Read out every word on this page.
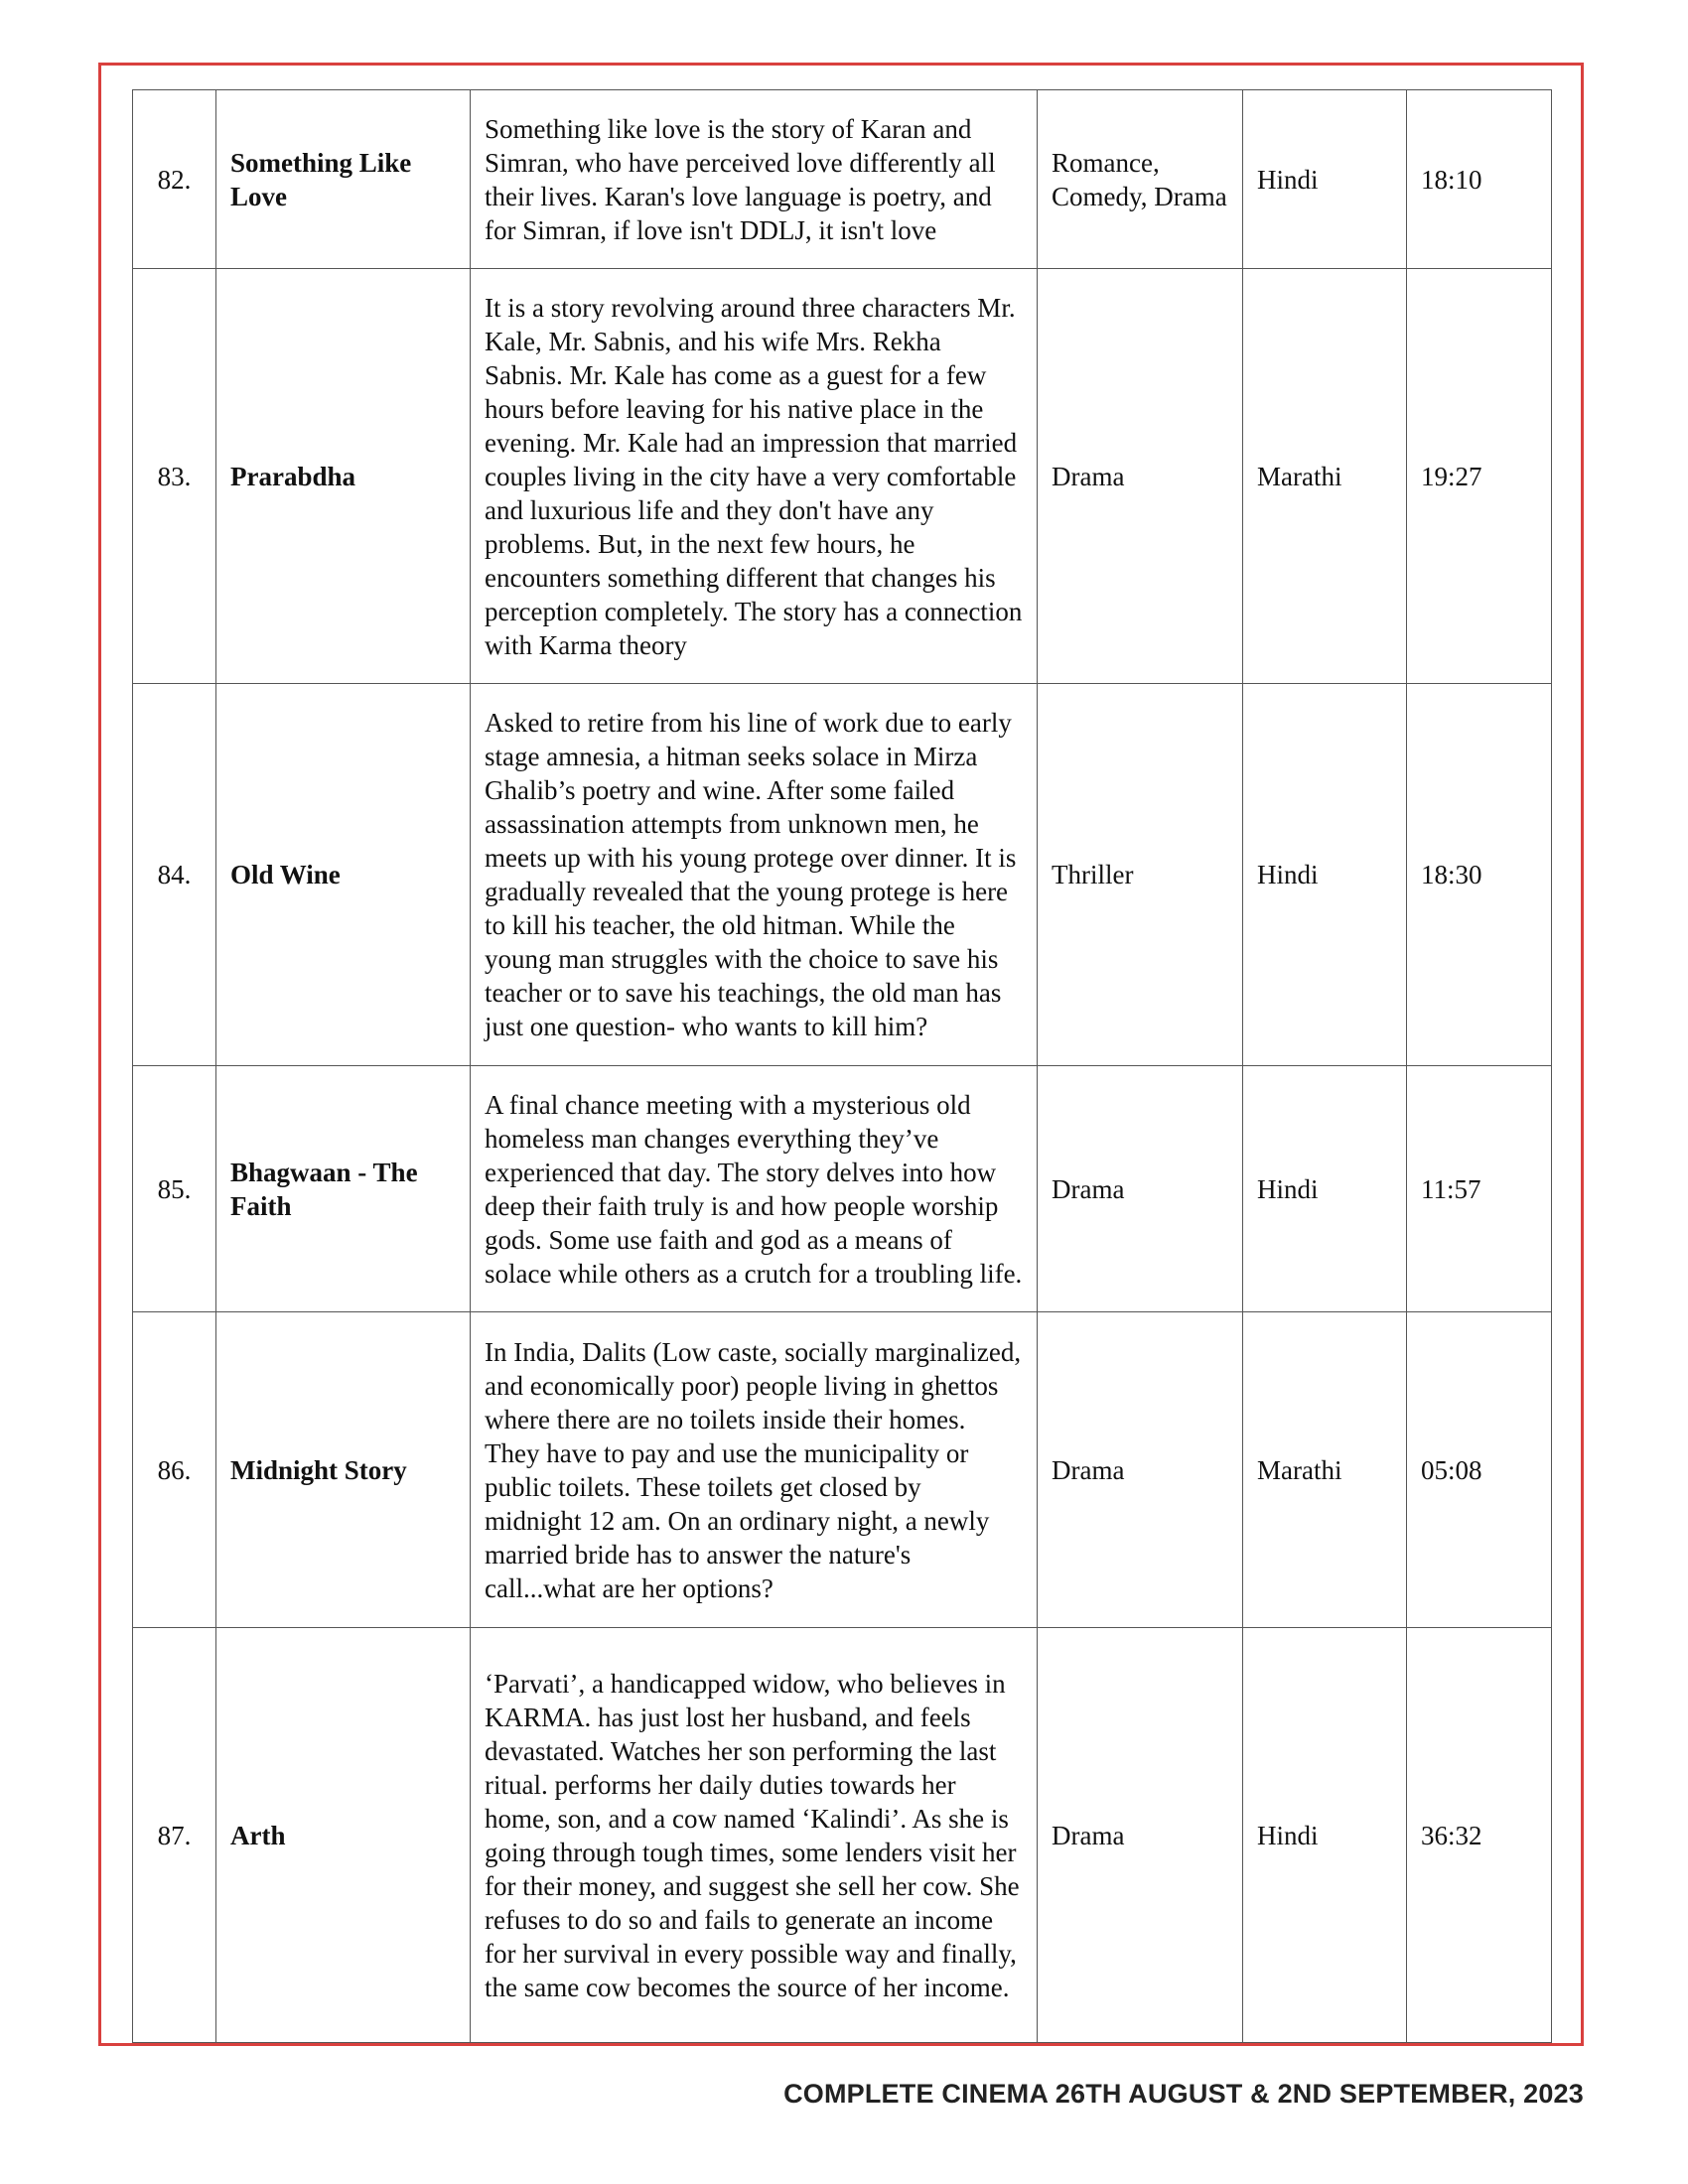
82.	Something Like Love	Something like love is the story of Karan and Simran, who have perceived love differently all their lives. Karan's love language is poetry, and for Simran, if love isn't DDLJ, it isn't love	Romance, Comedy, Drama	Hindi	18:10
83.	Prarabdha	It is a story revolving around three characters Mr. Kale, Mr. Sabnis, and his wife Mrs. Rekha Sabnis. Mr. Kale has come as a guest for a few hours before leaving for his native place in the evening. Mr. Kale had an impression that married couples living in the city have a very comfortable and luxurious life and they don't have any problems. But, in the next few hours, he encounters something different that changes his perception completely. The story has a connection with Karma theory	Drama	Marathi	19:27
84.	Old Wine	Asked to retire from his line of work due to early stage amnesia, a hitman seeks solace in Mirza Ghalib’s poetry and wine. After some failed assassination attempts from unknown men, he meets up with his young protege over dinner. It is gradually revealed that the young protege is here to kill his teacher, the old hitman. While the young man struggles with the choice to save his teacher or to save his teachings, the old man has just one question- who wants to kill him?	Thriller	Hindi	18:30
85.	Bhagwaan - The Faith	A final chance meeting with a mysterious old homeless man changes everything they’ve experienced that day. The story delves into how deep their faith truly is and how people worship gods. Some use faith and god as a means of solace while others as a crutch for a troubling life.	Drama	Hindi	11:57
86.	Midnight Story	In India, Dalits (Low caste, socially marginalized, and economically poor) people living in ghettos where there are no toilets inside their homes. They have to pay and use the municipality or public toilets. These toilets get closed by midnight 12 am. On an ordinary night, a newly married bride has to answer the nature's call...what are her options?	Drama	Marathi	05:08
87.	Arth	‘Parvati’, a handicapped widow, who believes in KARMA. has just lost her husband, and feels devastated. Watches her son performing the last ritual. performs her daily duties towards her home, son, and a cow named ‘Kalindi’. As she is going through tough times, some lenders visit her for their money, and suggest she sell her cow. She refuses to do so and fails to generate an income for her survival in every possible way and finally, the same cow becomes the source of her income.	Drama	Hindi	36:32
COMPLETE CINEMA 26TH AUGUST & 2ND SEPTEMBER, 2023
